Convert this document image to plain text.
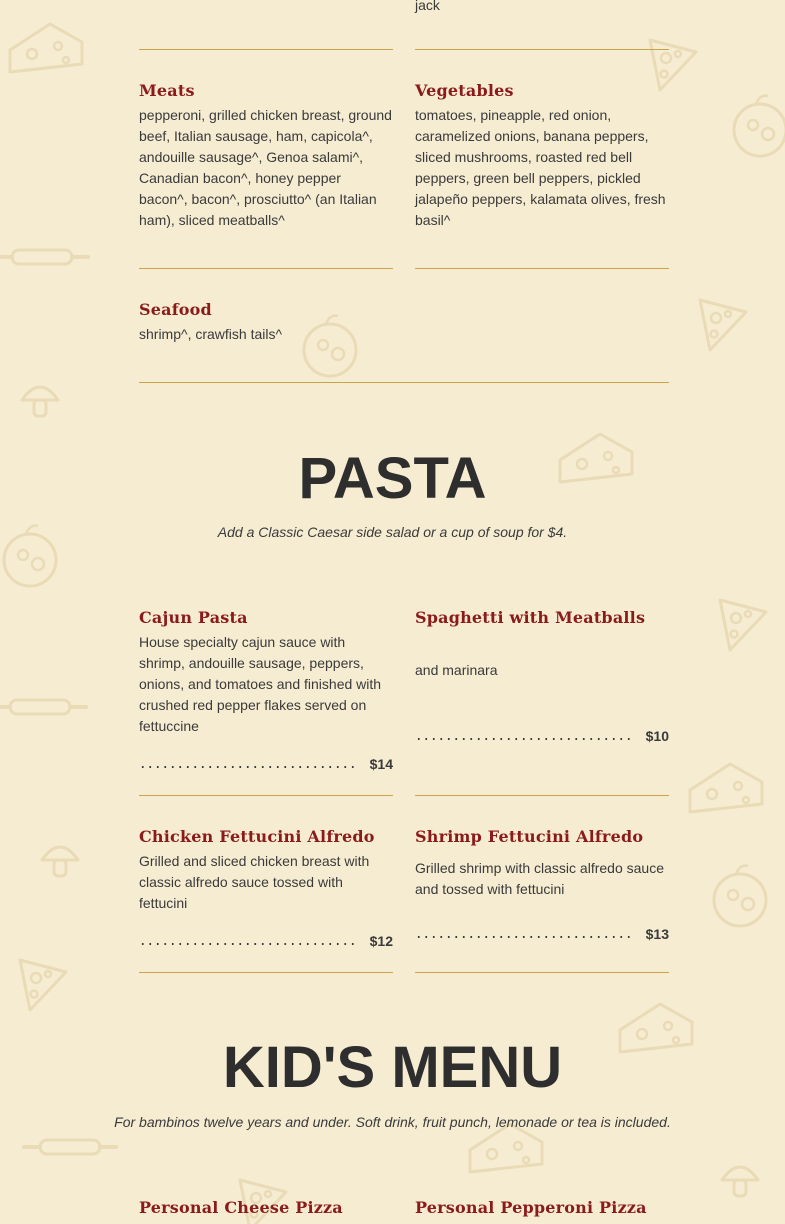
jack
Meats
pepperoni, grilled chicken breast, ground beef, Italian sausage, ham, capicola^, andouille sausage^, Genoa salami^, Canadian bacon^, honey pepper bacon^, bacon^, prosciutto^ (an Italian ham), sliced meatballs^
Vegetables
tomatoes, pineapple, red onion, caramelized onions, banana peppers, sliced mushrooms, roasted red bell peppers, green bell peppers, pickled jalapeño peppers, kalamata olives, fresh basil^
Seafood
shrimp^, crawfish tails^
PASTA
Add a Classic Caesar side salad or a cup of soup for $4.
Cajun Pasta
House specialty cajun sauce with shrimp, andouille sausage, peppers, onions, and tomatoes and finished with crushed red pepper flakes served on fettuccine
$14
Spaghetti with Meatballs
and marinara
$10
Chicken Fettucini Alfredo
Grilled and sliced chicken breast with classic alfredo sauce tossed with fettucini
$12
Shrimp Fettucini Alfredo
Grilled shrimp with classic alfredo sauce and tossed with fettucini
$13
KID'S MENU
For bambinos twelve years and under. Soft drink, fruit punch, lemonade or tea is included.
Personal Cheese Pizza	Personal Pepperoni Pizza
